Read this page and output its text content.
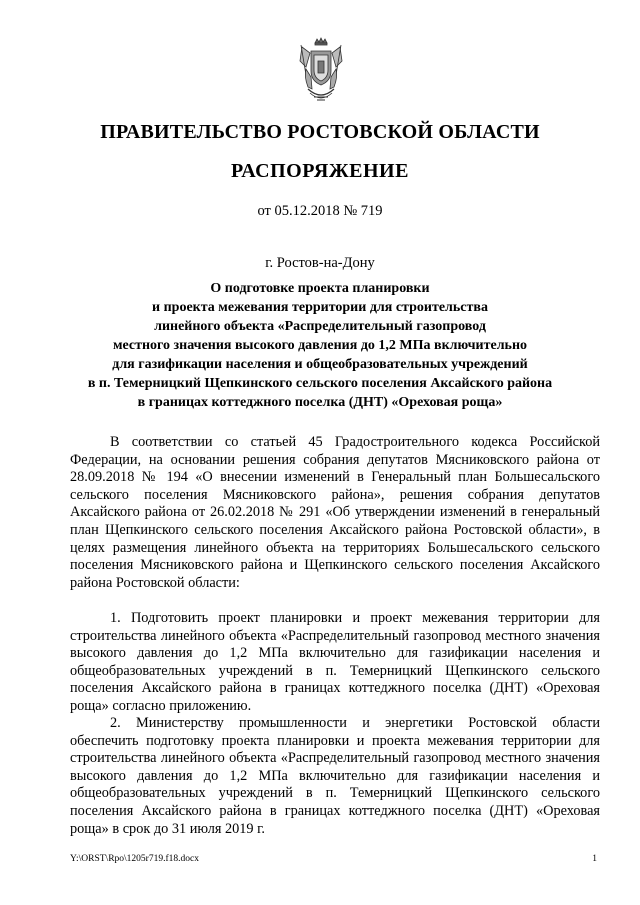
ПРАВИТЕЛЬСТВО РОСТОВСКОЙ ОБЛАСТИ
РАСПОРЯЖЕНИЕ
от 05.12.2018 № 719
г. Ростов-на-Дону
О подготовке проекта планировки
и проекта межевания территории для строительства
линейного объекта «Распределительный газопровод
местного значения высокого давления до 1,2 МПа включительно
для газификации населения и общеобразовательных учреждений
в п. Темерницкий Щепкинского сельского поселения Аксайского района
в границах коттеджного поселка (ДНТ) «Ореховая роща»

В соответствии со статьей 45 Градостроительного кодекса Российской Федерации, на основании решения собрания депутатов Мясниковского района от 28.09.2018 № 194 «О внесении изменений в Генеральный план Большесальского сельского поселения Мясниковского района», решения собрания депутатов Аксайского района от 26.02.2018 № 291 «Об утверждении изменений в генеральный план Щепкинского сельского поселения Аксайского района Ростовской области», в целях размещения линейного объекта на территориях Большесальского сельского поселения Мясниковского района и Щепкинского сельского поселения Аксайского района Ростовской области:

1. Подготовить проект планировки и проект межевания территории для строительства линейного объекта «Распределительный газопровод местного значения высокого давления до 1,2 МПа включительно для газификации населения и общеобразовательных учреждений в п. Темерницкий Щепкинского сельского поселения Аксайского района в границах коттеджного поселка (ДНТ) «Ореховая роща» согласно приложению.

2. Министерству промышленности и энергетики Ростовской области обеспечить подготовку проекта планировки и проекта межевания территории для строительства линейного объекта «Распределительный газопровод местного значения высокого давления до 1,2 МПа включительно для газификации населения и общеобразовательных учреждений в п. Темерницкий Щепкинского сельского поселения Аксайского района в границах коттеджного поселка (ДНТ) «Ореховая роща» в срок до 31 июля 2019 г.

Y:\ORST\Rpo\1205r719.f18.docx	1
